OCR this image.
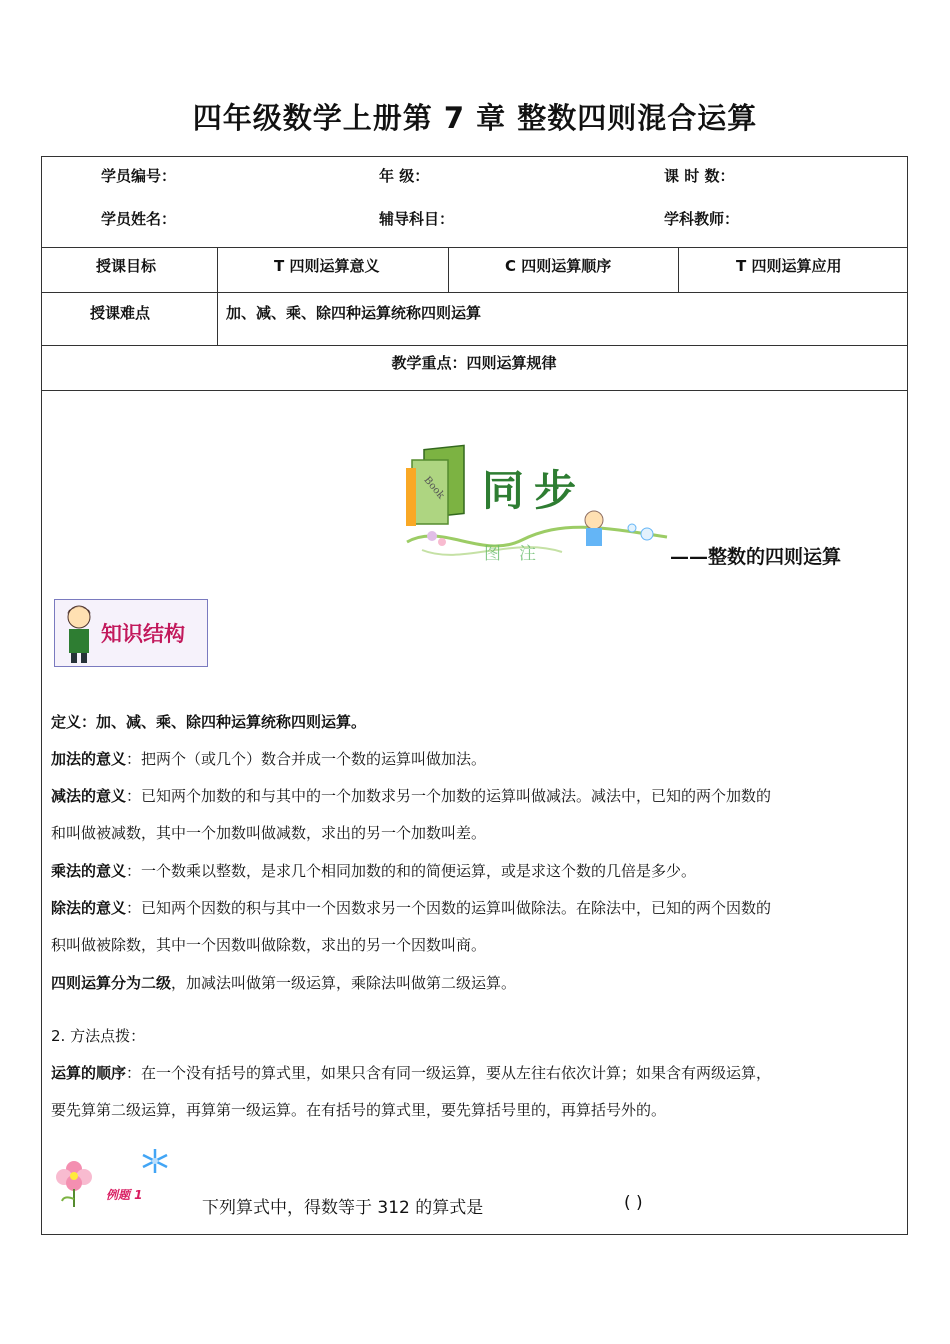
四年级数学上册第 7 章 整数四则混合运算
学员编号：	年 级：	课 时 数：
学员姓名：	辅导科目：	学科教师：
授课目标	T 四则运算意义	C 四则运算顺序	T 四则运算应用
授课难点	加、减、乘、除四种运算统称四则运算
教学重点：四则运算规律
Book 同步
图注	——整数的四则运算
知识结构
定义：加、减、乘、除四种运算统称四则运算。
加法的意义：把两个（或几个）数合并成一个数的运算叫做加法。
减法的意义：已知两个加数的和与其中的一个加数求另一个加数的运算叫做减法。减法中，已知的两个加数的
和叫做被减数，其中一个加数叫做减数，求出的另一个加数叫差。
乘法的意义：一个数乘以整数，是求几个相同加数的和的简便运算，或是求这个数的几倍是多少。
除法的意义：已知两个因数的积与其中一个因数求另一个因数的运算叫做除法。在除法中，已知的两个因数的
积叫做被除数，其中一个因数叫做除数，求出的另一个因数叫商。
四则运算分为二级，加减法叫做第一级运算，乘除法叫做第二级运算。
2. 方法点拨：
运算的顺序：在一个没有括号的算式里，如果只含有同一级运算，要从左往右依次计算；如果含有两级运算，
要先算第二级运算，再算第一级运算。在有括号的算式里，要先算括号里的，再算括号外的。
例题 1
下列算式中，得数等于 312 的算式是	( )
